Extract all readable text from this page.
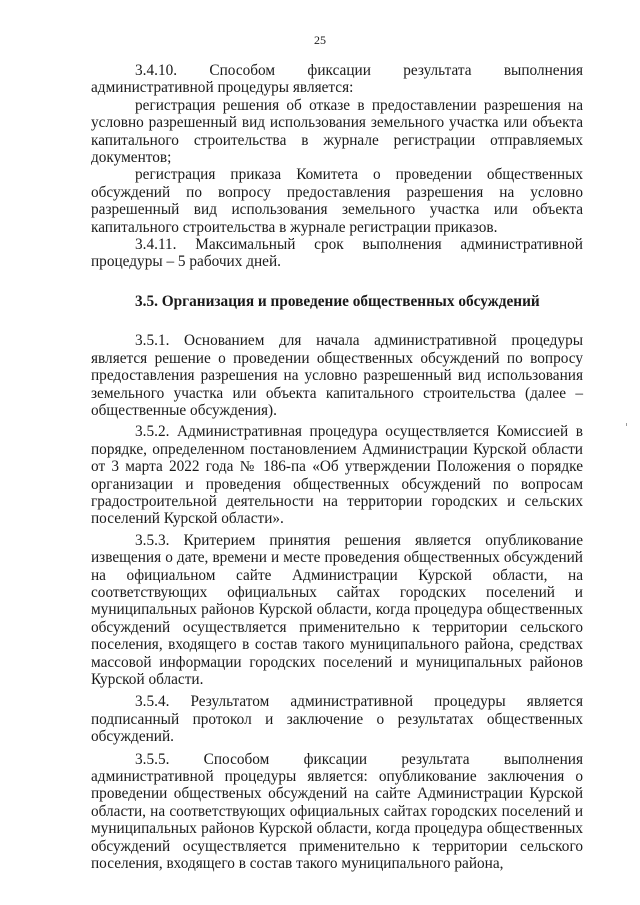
25

3.4.10. Способом фиксации результата выполнения административной процедуры является:

регистрация решения об отказе в предоставлении разрешения на условно разрешенный вид использования земельного участка или объекта капитального строительства в журнале регистрации отправляемых документов;

регистрация приказа Комитета о проведении общественных обсуждений по вопросу предоставления разрешения на условно разрешенный вид использования земельного участка или объекта капитального строительства в журнале регистрации приказов.

3.4.11. Максимальный срок выполнения административной процедуры – 5 рабочих дней.

3.5. Организация и проведение общественных обсуждений

3.5.1. Основанием для начала административной процедуры является решение о проведении общественных обсуждений по вопросу предоставления разрешения на условно разрешенный вид использования земельного участка или объекта капитального строительства (далее – общественные обсуждения).

3.5.2. Административная процедура осуществляется Комиссией в порядке, определенном постановлением Администрации Курской области от 3 марта 2022 года № 186-па «Об утверждении Положения о порядке организации и проведения общественных обсуждений по вопросам градостроительной деятельности на территории городских и сельских поселений Курской области».

3.5.3. Критерием принятия решения является опубликование извещения о дате, времени и месте проведения общественных обсуждений на официальном сайте Администрации Курской области, на соответствующих официальных сайтах городских поселений и муниципальных районов Курской области, когда процедура общественных обсуждений осуществляется применительно к территории сельского поселения, входящего в состав такого муниципального района, средствах массовой информации городских поселений и муниципальных районов Курской области.

3.5.4. Результатом административной процедуры является подписанный протокол и заключение о результатах общественных обсуждений.

3.5.5. Способом фиксации результата выполнения административной процедуры является: опубликование заключения о проведении общественых обсуждений на сайте Администрации Курской области, на соответствующих официальных сайтах городских поселений и муниципальных районов Курской области, когда процедура общественных обсуждений осуществляется применительно к территории сельского поселения, входящего в состав такого муниципального района,
